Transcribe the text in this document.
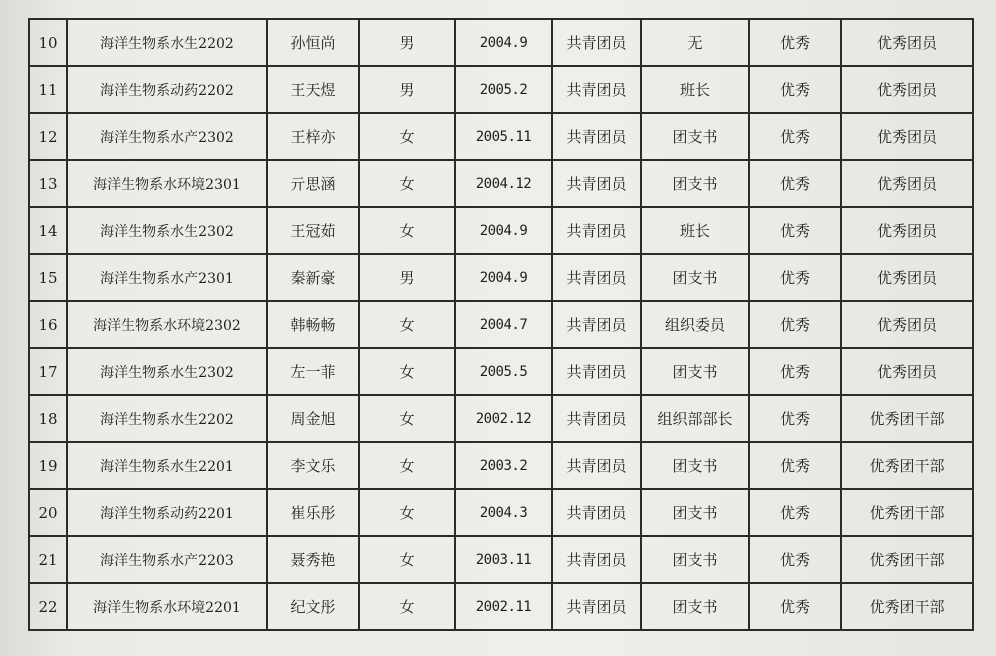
10	海洋生物系水生2202	孙恒尚	男	2004.9	共青团员	无	优秀	优秀团员
11	海洋生物系动药2202	王天煜	男	2005.2	共青团员	班长	优秀	优秀团员
12	海洋生物系水产2302	王梓亦	女	2005.11	共青团员	团支书	优秀	优秀团员
13	海洋生物系水环境2301	亓思涵	女	2004.12	共青团员	团支书	优秀	优秀团员
14	海洋生物系水生2302	王冠茹	女	2004.9	共青团员	班长	优秀	优秀团员
15	海洋生物系水产2301	秦新豪	男	2004.9	共青团员	团支书	优秀	优秀团员
16	海洋生物系水环境2302	韩畅畅	女	2004.7	共青团员	组织委员	优秀	优秀团员
17	海洋生物系水生2302	左一菲	女	2005.5	共青团员	团支书	优秀	优秀团员
18	海洋生物系水生2202	周金旭	女	2002.12	共青团员	组织部部长	优秀	优秀团干部
19	海洋生物系水生2201	李文乐	女	2003.2	共青团员	团支书	优秀	优秀团干部
20	海洋生物系动药2201	崔乐彤	女	2004.3	共青团员	团支书	优秀	优秀团干部
21	海洋生物系水产2203	聂秀艳	女	2003.11	共青团员	团支书	优秀	优秀团干部
22	海洋生物系水环境2201	纪文彤	女	2002.11	共青团员	团支书	优秀	优秀团干部
